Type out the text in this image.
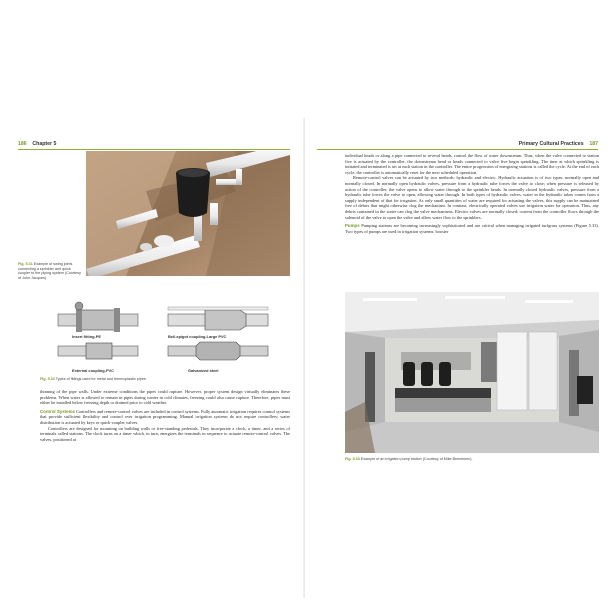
186 Chapter 5
Fig. 5.31 Example of swing joints connecting a sprinkler and quick coupler to the piping system (Courtesy of John Jacques).
Insert fitting-PE	Bell-spigot coupling-Large PVC
External coupling-PVC	Galvanized steel
Fig. 5.32 Types of fittings used for metal and thermoplastic pipes.

thinning of the pipe walls. Under extreme conditions the pipes could rupture. However, proper system design virtually eliminates these problems. When water is allowed to remain in pipes during winter in cold climates, freezing could also cause rupture. Therefore, pipes must either be installed below freezing depth or drained prior to cold weather.

Control Systems Controllers and remote-control valves are included in control systems. Fully automatic irrigation requires control systems that provide sufficient flexibility and control over irrigation programming. Manual irrigation systems do not require controllers; water distribution is actuated by keys or quick-coupler valves.

Controllers are designed for mounting on building walls or free-standing pedestals. They incorporate a clock, a timer, and a series of terminals called stations. The clock turns on a timer which, in turn, energizes the terminals in sequence to actuate remote-control valves. The valves, positioned at

Primary Cultural Practices 187

individual heads or along a pipe connected to several heads, control the flow of water downstream. Thus, when the valve connected to station five is actuated by the controller, the downstream head or heads connected to valve five begin sprinkling. The time at which sprinkling is initiated and terminated is set at each station in the controller. The entire progression of energizing stations is called the cycle. At the end of each cycle, the controller is automatically reset for the next scheduled operation.

Remote-control valves can be actuated by two methods: hydraulic and electric. Hydraulic actuation is of two types: normally open and normally closed. In normally open hydraulic valves, pressure from a hydraulic tube forces the valve to close; when pressure is released by action of the controller, the valve opens to allow water through to the sprinkler heads. In normally closed hydraulic valves, pressure from a hydraulic tube forces the valve to open, allowing water through. In both types of hydraulic valves, water in the hydraulic tubes comes from a supply independent of that for irrigation. As only small quantities of water are required for actuating the valves, this supply can be maintained free of debris that might otherwise clog the mechanism. In contrast, electrically operated valves use irrigation water for operation. Thus, any debris contained in the water can clog the valve mechanisms. Electric valves are normally closed; current from the controller flows through the solenoid of the valve to open the valve and allow water flow to the sprinklers.

Pumps Pumping stations are becoming increasingly sophisticated and are critical when managing irrigated turfgrass systems (Figure 5.33). Two types of pumps are used in irrigation systems: booster

Fig. 5.33 Example of an irrigation pump station (Courtesy of Mike Bemelmen).
